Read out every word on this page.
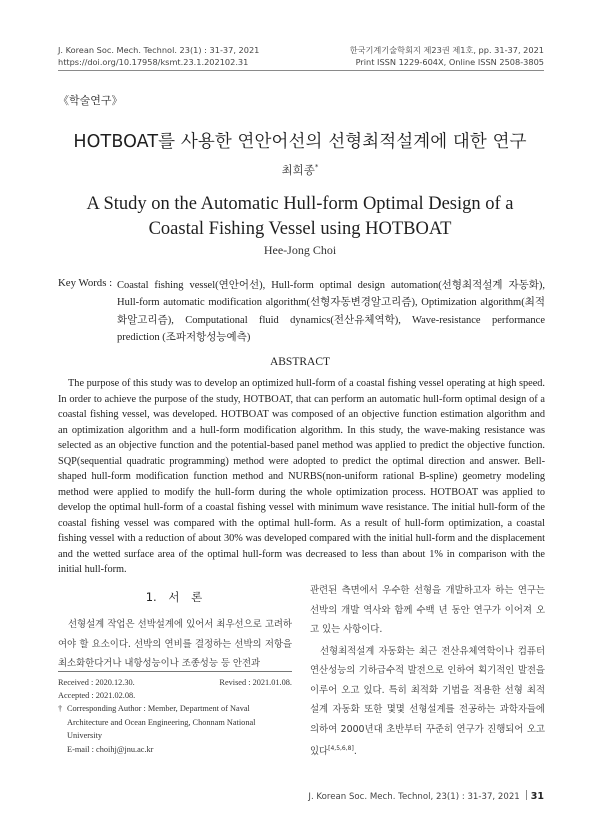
J. Korean Soc. Mech. Technol. 23(1) : 31-37, 2021
https://doi.org/10.17958/ksmt.23.1.202102.31
한국기계기술학회지 제23권 제1호, pp. 31-37, 2021
Print ISSN 1229-604X, Online ISSN 2508-3805
《학술연구》
HOTBOAT를 사용한 연안어선의 선형최적설계에 대한 연구
최희종*
A Study on the Automatic Hull-form Optimal Design of a
Coastal Fishing Vessel using HOTBOAT
Hee-Jong Choi
Key Words : Coastal fishing vessel(연안어선), Hull-form optimal design automation(선형최적설계 자동화), Hull-form automatic modification algorithm(선형자동변경알고리즘), Optimization algorithm(최적화알고리즘), Computational fluid dynamics(전산유체역학), Wave-resistance performance prediction (조파저항성능예측)
ABSTRACT
The purpose of this study was to develop an optimized hull-form of a coastal fishing vessel operating at high speed. In order to achieve the purpose of the study, HOTBOAT, that can perform an automatic hull-form optimal design of a coastal fishing vessel, was developed. HOTBOAT was composed of an objective function estimation algorithm and an optimization algorithm and a hull-form modification algorithm. In this study, the wave-making resistance was selected as an objective function and the potential-based panel method was applied to predict the objective function. SQP(sequential quadratic programming) method were adopted to predict the optimal direction and answer. Bell-shaped hull-form modification function method and NURBS(non-uniform rational B-spline) geometry modeling method were applied to modify the hull-form during the whole optimization process. HOTBOAT was applied to develop the optimal hull-form of a coastal fishing vessel with minimum wave resistance. The initial hull-form of the coastal fishing vessel was compared with the optimal hull-form. As a result of hull-form optimization, a coastal fishing vessel with a reduction of about 30% was developed compared with the initial hull-form and the displacement and the wetted surface area of the optimal hull-form was decreased to less than about 1% in comparison with the initial hull-form.
1. 서 론
선형설계 작업은 선박설계에 있어서 최우선으로 고려하여야 할 요소이다. 선박의 연비를 결정하는 선박의 저항을 최소화한다거나 내항성능이나 조종성능 등 안전과
Received : 2020.12.30.	Revised : 2021.01.08.
Accepted : 2021.02.08.
† Corresponding Author : Member, Department of Naval Architecture and Ocean Engineering, Chonnam National University
E-mail : choihj@jnu.ac.kr

관련된 측면에서 우수한 선형을 개발하고자 하는 연구는 선박의 개발 역사와 함께 수백 년 동안 연구가 이어져 오고 있는 사항이다.

선형최적설계 자동화는 최근 전산유체역학이나 컴퓨터 연산성능의 기하급수적 발전으로 인하여 획기적인 발전을 이루어 오고 있다. 특히 최적화 기법을 적용한 선형 최적설계 자동화 또한 몇몇 선형설계를 전공하는 과학자들에 의하여 2000년대 초반부터 꾸준히 연구가 진행되어 오고 있다[4,5,6,8].

J. Korean Soc. Mech. Technol, 23(1) : 31-37, 2021 31
